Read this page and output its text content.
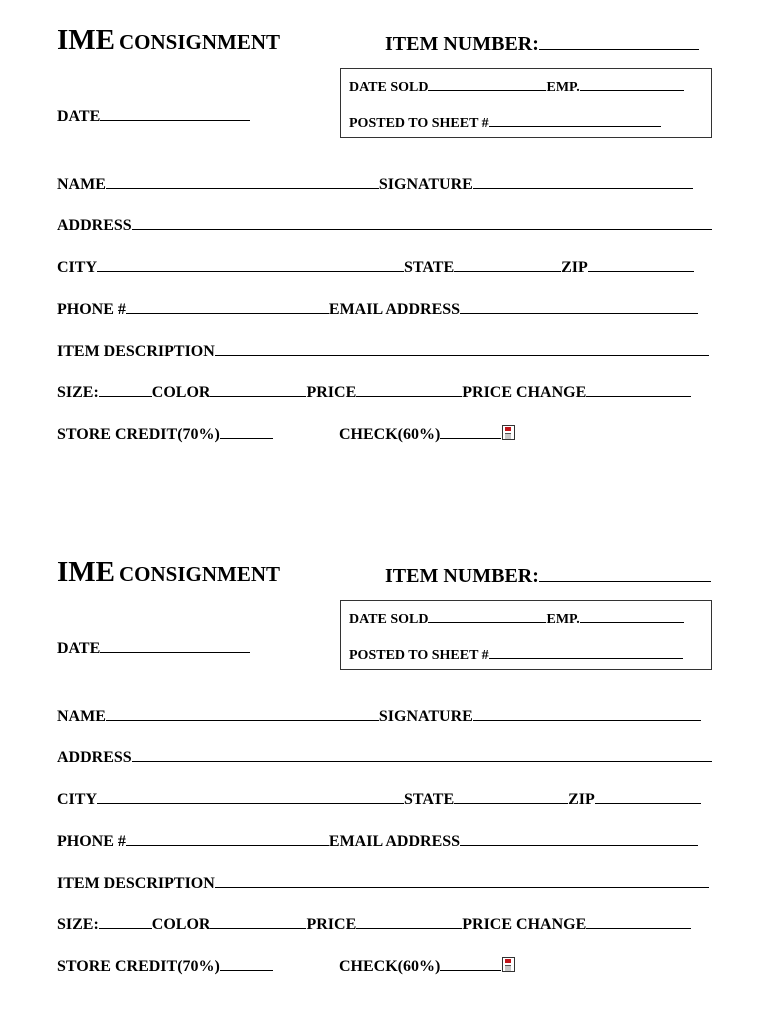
IME CONSIGNMENT	ITEM NUMBER:
DATE SOLD	EMP.
POSTED TO SHEET #
DATE
NAME	SIGNATURE
ADDRESS
CITY	STATE	ZIP
PHONE #	EMAIL ADDRESS
ITEM DESCRIPTION
SIZE:	COLOR	PRICE	PRICE CHANGE
STORE CREDIT(70%)	CHECK(60%)
IME CONSIGNMENT	ITEM NUMBER:
DATE SOLD	EMP.
POSTED TO SHEET #
DATE
NAME	SIGNATURE
ADDRESS
CITY	STATE	ZIP
PHONE #	EMAIL ADDRESS
ITEM DESCRIPTION
SIZE:	COLOR	PRICE	PRICE CHANGE
STORE CREDIT(70%)	CHECK(60%)
